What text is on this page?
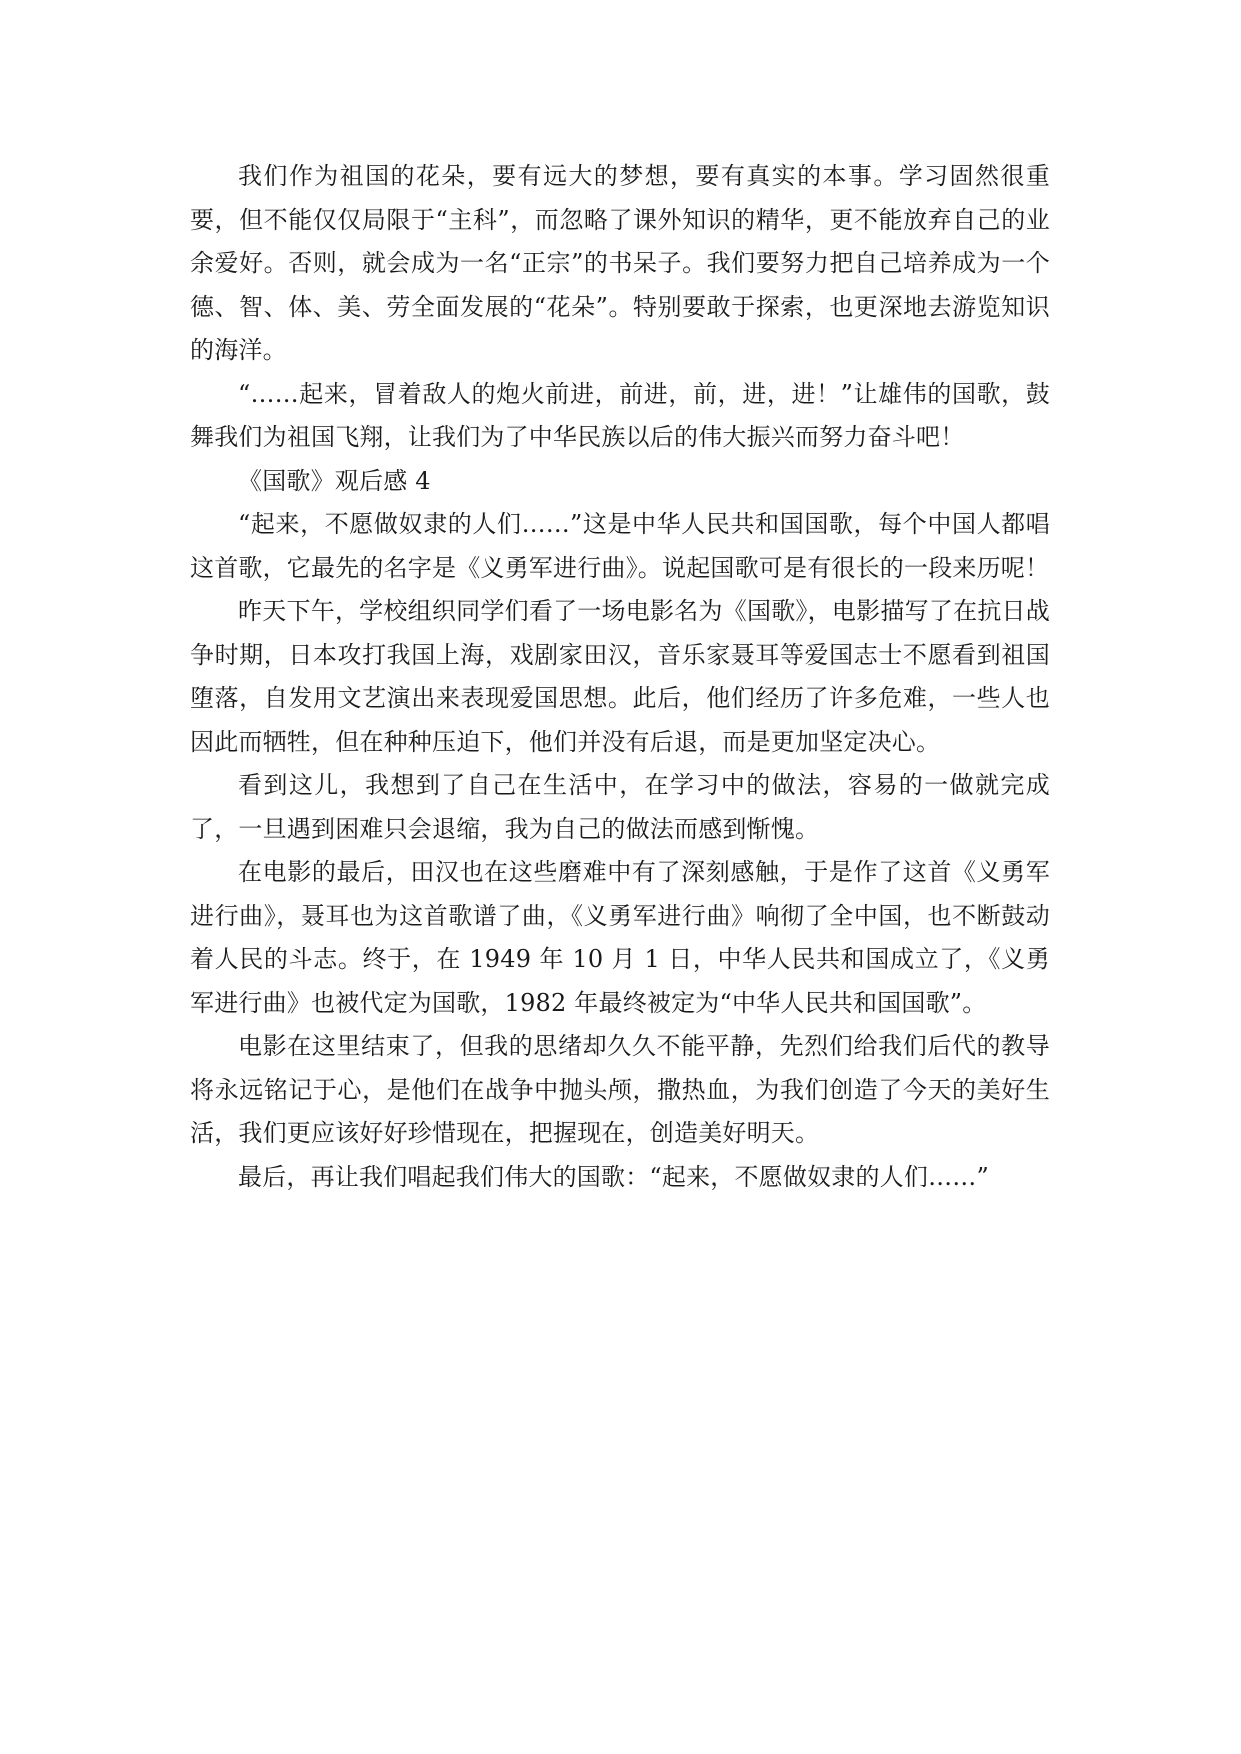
我们作为祖国的花朵，要有远大的梦想，要有真实的本事。学习固然很重要，但不能仅仅局限于“主科”，而忽略了课外知识的精华，更不能放弃自己的业余爱好。否则，就会成为一名“正宗”的书呆子。我们要努力把自己培养成为一个德、智、体、美、劳全面发展的“花朵”。特别要敢于探索，也更深地去游览知识的海洋。

“……起来，冒着敌人的炮火前进，前进，前，进，进！”让雄伟的国歌，鼓舞我们为祖国飞翔，让我们为了中华民族以后的伟大振兴而努力奋斗吧！

《国歌》观后感 4

“起来，不愿做奴隶的人们……”这是中华人民共和国国歌，每个中国人都唱这首歌，它最先的名字是《义勇军进行曲》。说起国歌可是有很长的一段来历呢！

昨天下午，学校组织同学们看了一场电影名为《国歌》，电影描写了在抗日战争时期，日本攻打我国上海，戏剧家田汉，音乐家聂耳等爱国志士不愿看到祖国堕落，自发用文艺演出来表现爱国思想。此后，他们经历了许多危难，一些人也因此而牺牲，但在种种压迫下，他们并没有后退，而是更加坚定决心。

看到这儿，我想到了自己在生活中，在学习中的做法，容易的一做就完成了，一旦遇到困难只会退缩，我为自己的做法而感到惭愧。

在电影的最后，田汉也在这些磨难中有了深刻感触，于是作了这首《义勇军进行曲》，聂耳也为这首歌谱了曲，《义勇军进行曲》响彻了全中国，也不断鼓动着人民的斗志。终于，在 1949 年 10 月 1 日，中华人民共和国成立了，《义勇军进行曲》也被代定为国歌，1982 年最终被定为“中华人民共和国国歌”。

电影在这里结束了，但我的思绪却久久不能平静，先烈们给我们后代的教导将永远铭记于心，是他们在战争中抛头颅，撒热血，为我们创造了今天的美好生活，我们更应该好好珍惜现在，把握现在，创造美好明天。

最后，再让我们唱起我们伟大的国歌：“起来，不愿做奴隶的人们……”
